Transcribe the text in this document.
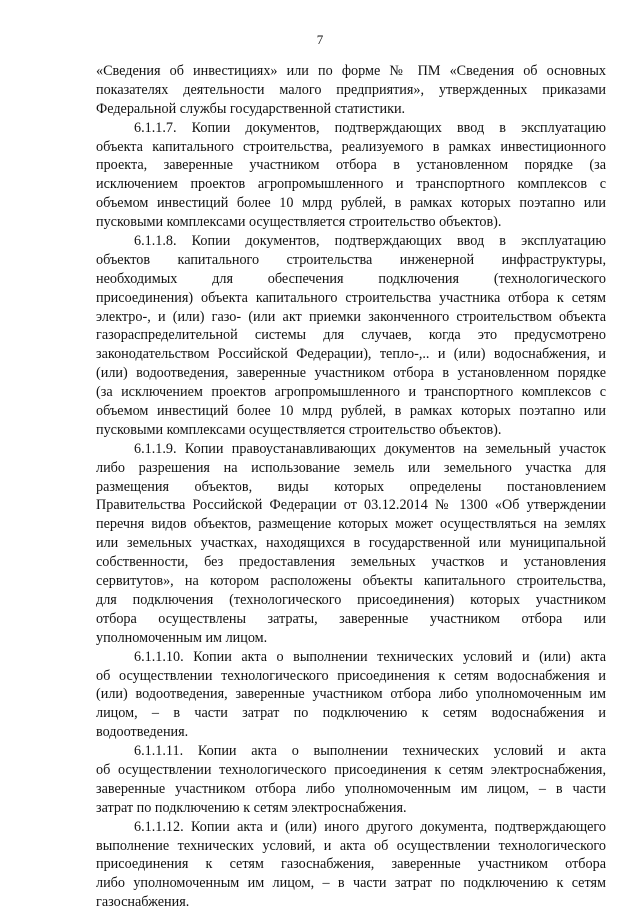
7
«Сведения об инвестициях» или по форме № ПМ «Сведения об основных
показателях деятельности малого предприятия», утвержденных приказами
Федеральной службы государственной статистики.
6.1.1.7. Копии документов, подтверждающих ввод в эксплуатацию
объекта капитального строительства, реализуемого в рамках инвестиционного
проекта, заверенные участником отбора в установленном порядке (за
исключением проектов агропромышленного и транспортного комплексов с
объемом инвестиций более 10 млрд рублей, в рамках которых поэтапно или
пусковыми комплексами осуществляется строительство объектов).
6.1.1.8. Копии документов, подтверждающих ввод в эксплуатацию
объектов капитального строительства инженерной инфраструктуры,
необходимых для обеспечения подключения (технологического
присоединения) объекта капитального строительства участника отбора к сетям
электро-, и (или) газо- (или акт приемки законченного строительством объекта
газораспределительной системы для случаев, когда это предусмотрено
законодательством Российской Федерации), тепло-,.. и (или) водоснабжения, и
(или) водоотведения, заверенные участником отбора в установленном порядке
(за исключением проектов агропромышленного и транспортного комплексов с
объемом инвестиций более 10 млрд рублей, в рамках которых поэтапно или
пусковыми комплексами осуществляется строительство объектов).
6.1.1.9. Копии правоустанавливающих документов на земельный участок
либо разрешения на использование земель или земельного участка для
размещения объектов, виды которых определены постановлением
Правительства Российской Федерации от 03.12.2014 № 1300 «Об утверждении
перечня видов объектов, размещение которых может осуществляться на землях
или земельных участках, находящихся в государственной или муниципальной
собственности, без предоставления земельных участков и установления
сервитутов», на котором расположены объекты капитального строительства,
для подключения (технологического присоединения) которых участником
отбора осуществлены затраты, заверенные участником отбора или
уполномоченным им лицом.
6.1.1.10. Копии акта о выполнении технических условий и (или) акта
об осуществлении технологического присоединения к сетям водоснабжения и
(или) водоотведения, заверенные участником отбора либо уполномоченным им
лицом, – в части затрат по подключению к сетям водоснабжения и
водоотведения.
6.1.1.11. Копии акта о выполнении технических условий и акта
об осуществлении технологического присоединения к сетям электроснабжения,
заверенные участником отбора либо уполномоченным им лицом, – в части
затрат по подключению к сетям электроснабжения.
6.1.1.12. Копии акта и (или) иного другого документа, подтверждающего
выполнение технических условий, и акта об осуществлении технологического
присоединения к сетям газоснабжения, заверенные участником отбора
либо уполномоченным им лицом, – в части затрат по подключению к сетям
газоснабжения.
